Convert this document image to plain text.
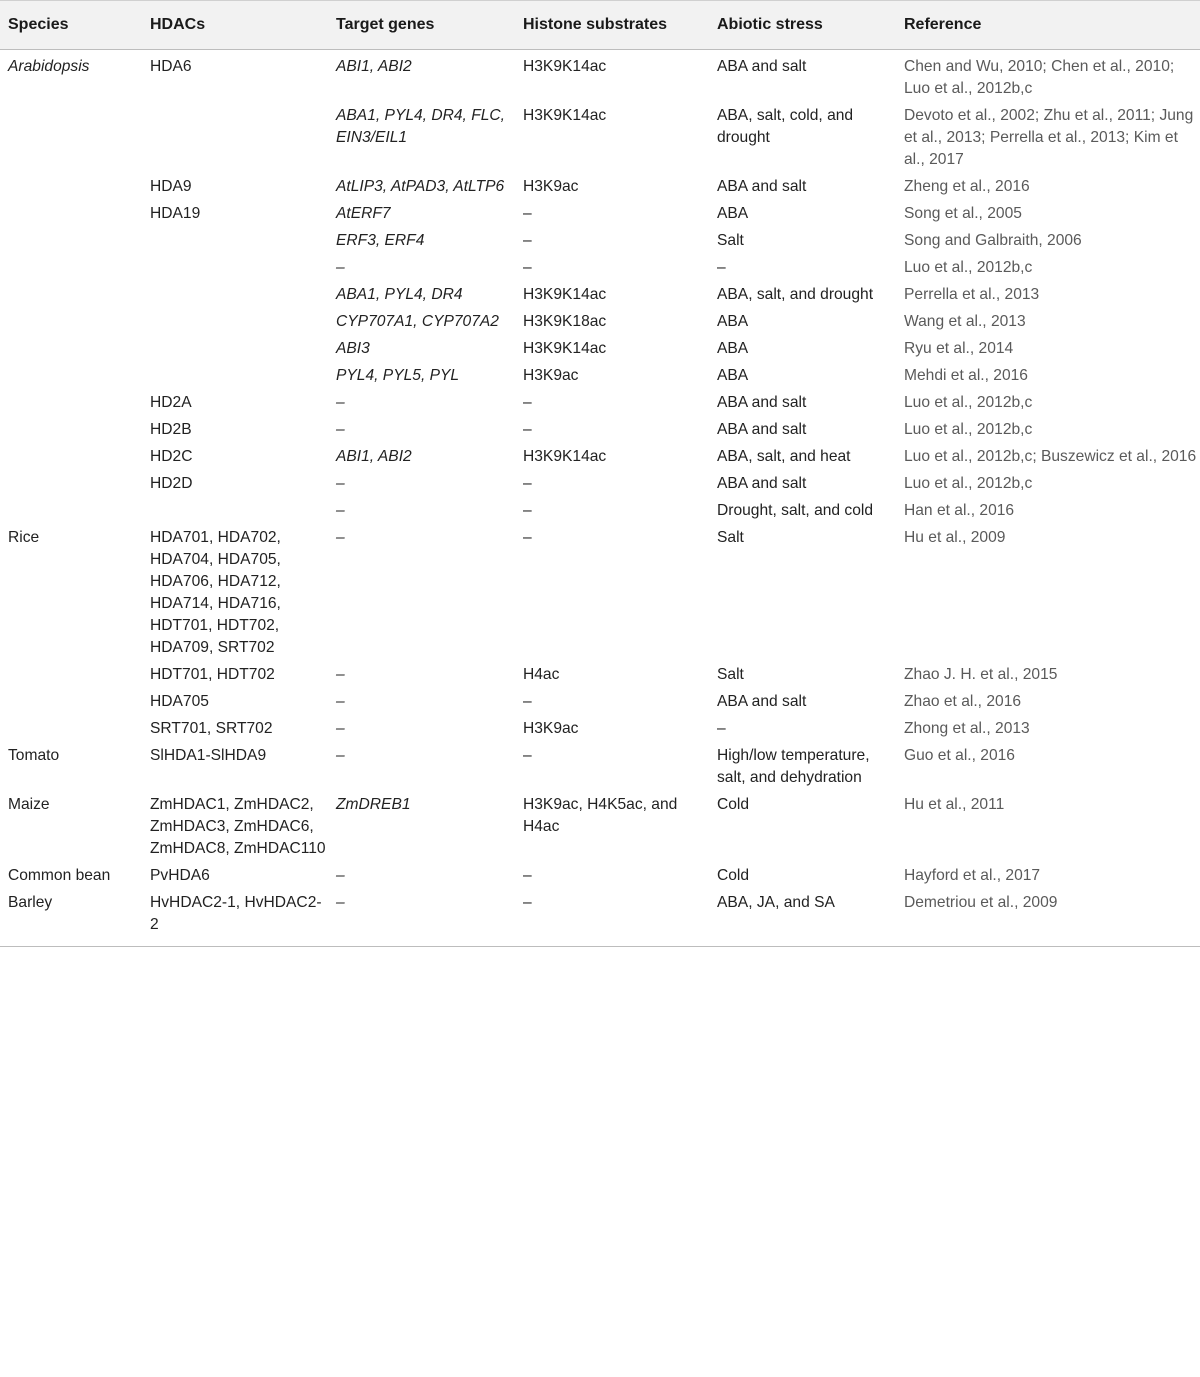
Species	HDACs	Target genes	Histone substrates	Abiotic stress	Reference
Arabidopsis	HDA6	ABI1, ABI2	H3K9K14ac	ABA and salt	Chen and Wu, 2010; Chen et al., 2010; Luo et al., 2012b,c
		ABA1, PYL4, DR4, FLC, EIN3/EIL1	H3K9K14ac	ABA, salt, cold, and drought	Devoto et al., 2002; Zhu et al., 2011; Jung et al., 2013; Perrella et al., 2013; Kim et al., 2017
	HDA9	AtLIP3, AtPAD3, AtLTP6	H3K9ac	ABA and salt	Zheng et al., 2016
	HDA19	AtERF7	–	ABA	Song et al., 2005
		ERF3, ERF4	–	Salt	Song and Galbraith, 2006
		–	–	–	Luo et al., 2012b,c
		ABA1, PYL4, DR4	H3K9K14ac	ABA, salt, and drought	Perrella et al., 2013
		CYP707A1, CYP707A2	H3K9K18ac	ABA	Wang et al., 2013
		ABI3	H3K9K14ac	ABA	Ryu et al., 2014
		PYL4, PYL5, PYL	H3K9ac	ABA	Mehdi et al., 2016
	HD2A	–	–	ABA and salt	Luo et al., 2012b,c
	HD2B	–	–	ABA and salt	Luo et al., 2012b,c
	HD2C	ABI1, ABI2	H3K9K14ac	ABA, salt, and heat	Luo et al., 2012b,c; Buszewicz et al., 2016
	HD2D	–	–	ABA and salt	Luo et al., 2012b,c
		–	–	Drought, salt, and cold	Han et al., 2016
Rice	HDA701, HDA702, HDA704, HDA705, HDA706, HDA712, HDA714, HDA716, HDT701, HDT702, HDA709, SRT702	–	–	Salt	Hu et al., 2009
	HDT701, HDT702	–	H4ac	Salt	Zhao J. H. et al., 2015
	HDA705	–	–	ABA and salt	Zhao et al., 2016
	SRT701, SRT702	–	H3K9ac	–	Zhong et al., 2013
Tomato	SlHDA1-SlHDA9	–	–	High/low temperature, salt, and dehydration	Guo et al., 2016
Maize	ZmHDAC1, ZmHDAC2, ZmHDAC3, ZmHDAC6, ZmHDAC8, ZmHDAC110	ZmDREB1	H3K9ac, H4K5ac, and H4ac	Cold	Hu et al., 2011
Common bean	PvHDA6	–	–	Cold	Hayford et al., 2017
Barley	HvHDAC2-1, HvHDAC2-2	–	–	ABA, JA, and SA	Demetriou et al., 2009
